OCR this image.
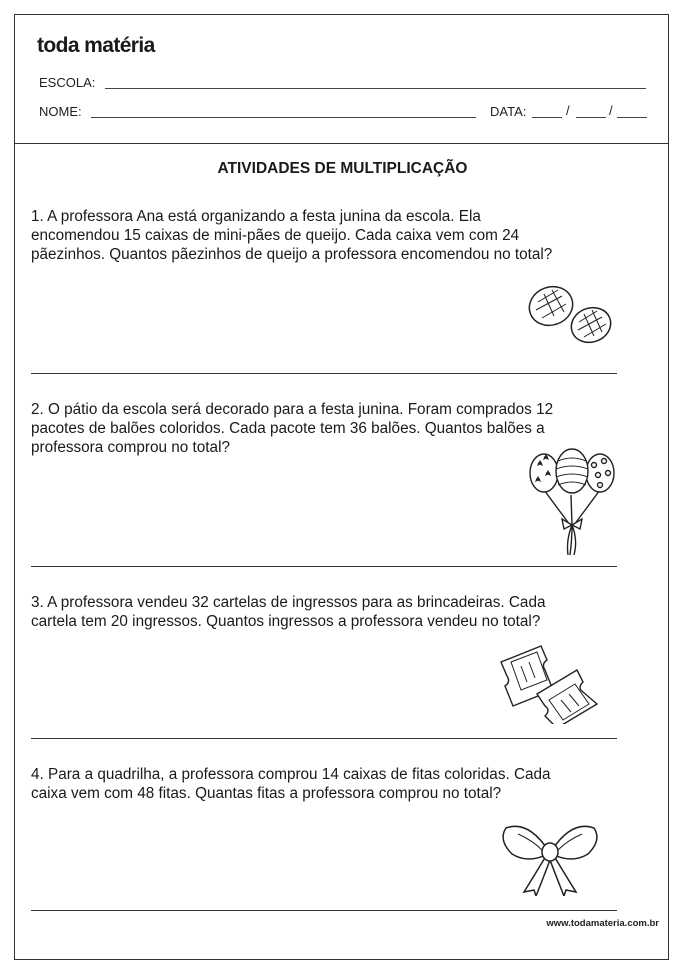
toda matéria
ESCOLA:
NOME:	DATA:	/	/
ATIVIDADES DE MULTIPLICAÇÃO
1. A professora Ana está organizando a festa junina da escola. Ela
encomendou 15 caixas de mini-pães de queijo. Cada caixa vem com 24
pãezinhos. Quantos pãezinhos de queijo a professora encomendou no total?
2. O pátio da escola será decorado para a festa junina. Foram comprados 12
pacotes de balões coloridos. Cada pacote tem 36 balões. Quantos balões a
professora comprou no total?
3. A professora vendeu 32 cartelas de ingressos para as brincadeiras. Cada
cartela tem 20 ingressos. Quantos ingressos a professora vendeu no total?
4. Para a quadrilha, a professora comprou 14 caixas de fitas coloridas. Cada
caixa vem com 48 fitas. Quantas fitas a professora comprou no total?
www.todamateria.com.br
